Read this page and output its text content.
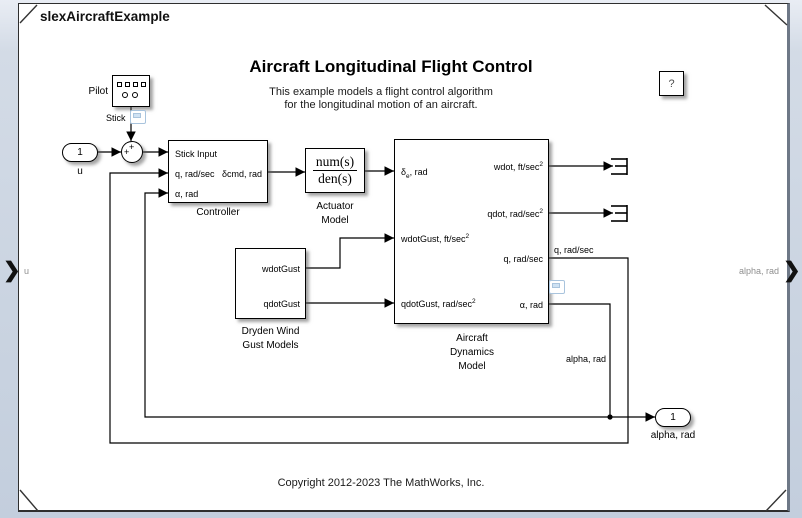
slexAircraftExample
Aircraft Longitudinal Flight Control
This example models a flight control algorithm
for the longitudinal motion of an aircraft.
Copyright 2012-2023 The MathWorks, Inc.
?
1
u
Pilot
Stick
+
+	Stick Input
q, rad/sec
α, rad
δcmd, rad
Controller
num(s)
den(s)
Actuator
Model
wdotGust
qdotGust
Dryden Wind
Gust Models
$\delta_e$, rad
wdotGust, $ft/\sec^2$
qdotGust, rad/$\sec^2$
wdot, $ft/\sec^2$
qdot, rad/$\sec^2$
q, rad/sec
α, rad
Aircraft
Dynamics
Model
q, rad/sec
alpha, rad
1
alpha, rad
❯ u	alpha, rad ❯
